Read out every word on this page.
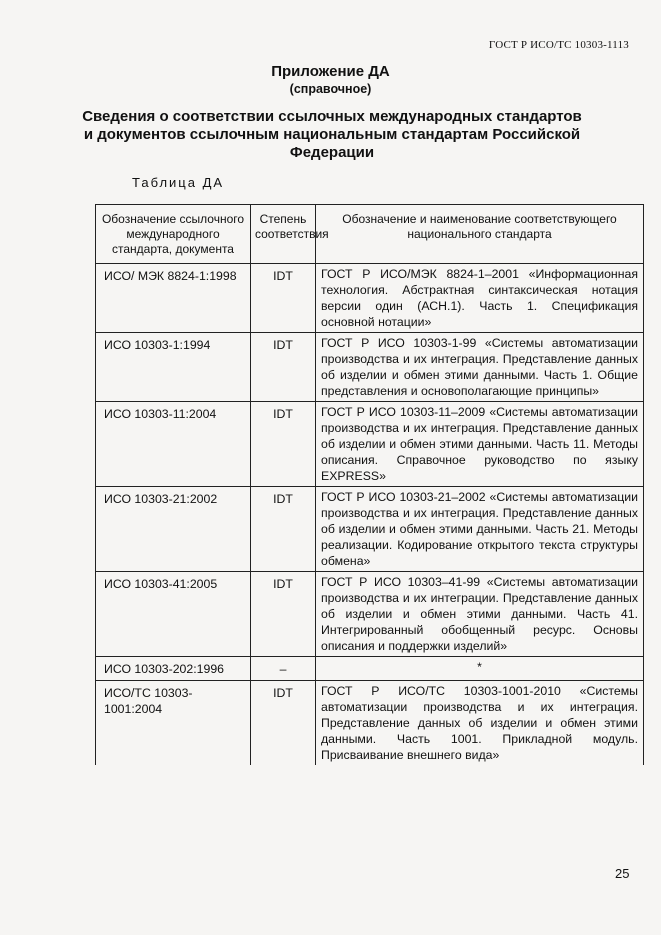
ГОСТ Р ИСО/ТС 10303-1113
Приложение ДА
(справочное)
Сведения о соответствии ссылочных международных стандартов и документов ссылочным национальным стандартам Российской Федерации
Таблица ДА
Обозначение ссылочного международного стандарта, документа	Степень соответствия	Обозначение и наименование соответствующего национального стандарта
ИСО/ МЭК 8824-1:1998	IDT	ГОСТ Р ИСО/МЭК 8824-1–2001 «Информационная технология. Абстрактная синтаксическая нотация версии один (АСН.1). Часть 1. Спецификация основной нотации»
ИСО 10303-1:1994	IDT	ГОСТ Р ИСО 10303-1-99 «Системы автоматизации производства и их интеграция. Представление данных об изделии и обмен этими данными. Часть 1. Общие представления и основополагающие принципы»
ИСО 10303-11:2004	IDT	ГОСТ Р ИСО 10303-11–2009 «Системы автоматизации производства и их интеграция. Представление данных об изделии и обмен этими данными. Часть 11. Методы описания. Справочное руководство по языку EXPRESS»
ИСО 10303-21:2002	IDT	ГОСТ Р ИСО 10303-21–2002 «Системы автоматизации производства и их интеграция. Представление данных об изделии и обмен этими данными. Часть 21. Методы реализации. Кодирование открытого текста структуры обмена»
ИСО 10303-41:2005	IDT	ГОСТ Р ИСО 10303–41-99 «Системы автоматизации производства и их интеграции. Представление данных об изделии и обмен этими данными. Часть 41. Интегрированный обобщенный ресурс. Основы описания и поддержки изделий»
ИСО 10303-202:1996	–	*
ИСО/ТС 10303-1001:2004	IDT	ГОСТ Р ИСО/ТС 10303-1001-2010 «Системы автоматизации производства и их интеграция. Представление данных об изделии и обмен этими данными. Часть 1001. Прикладной модуль. Присваивание внешнего вида»
25
